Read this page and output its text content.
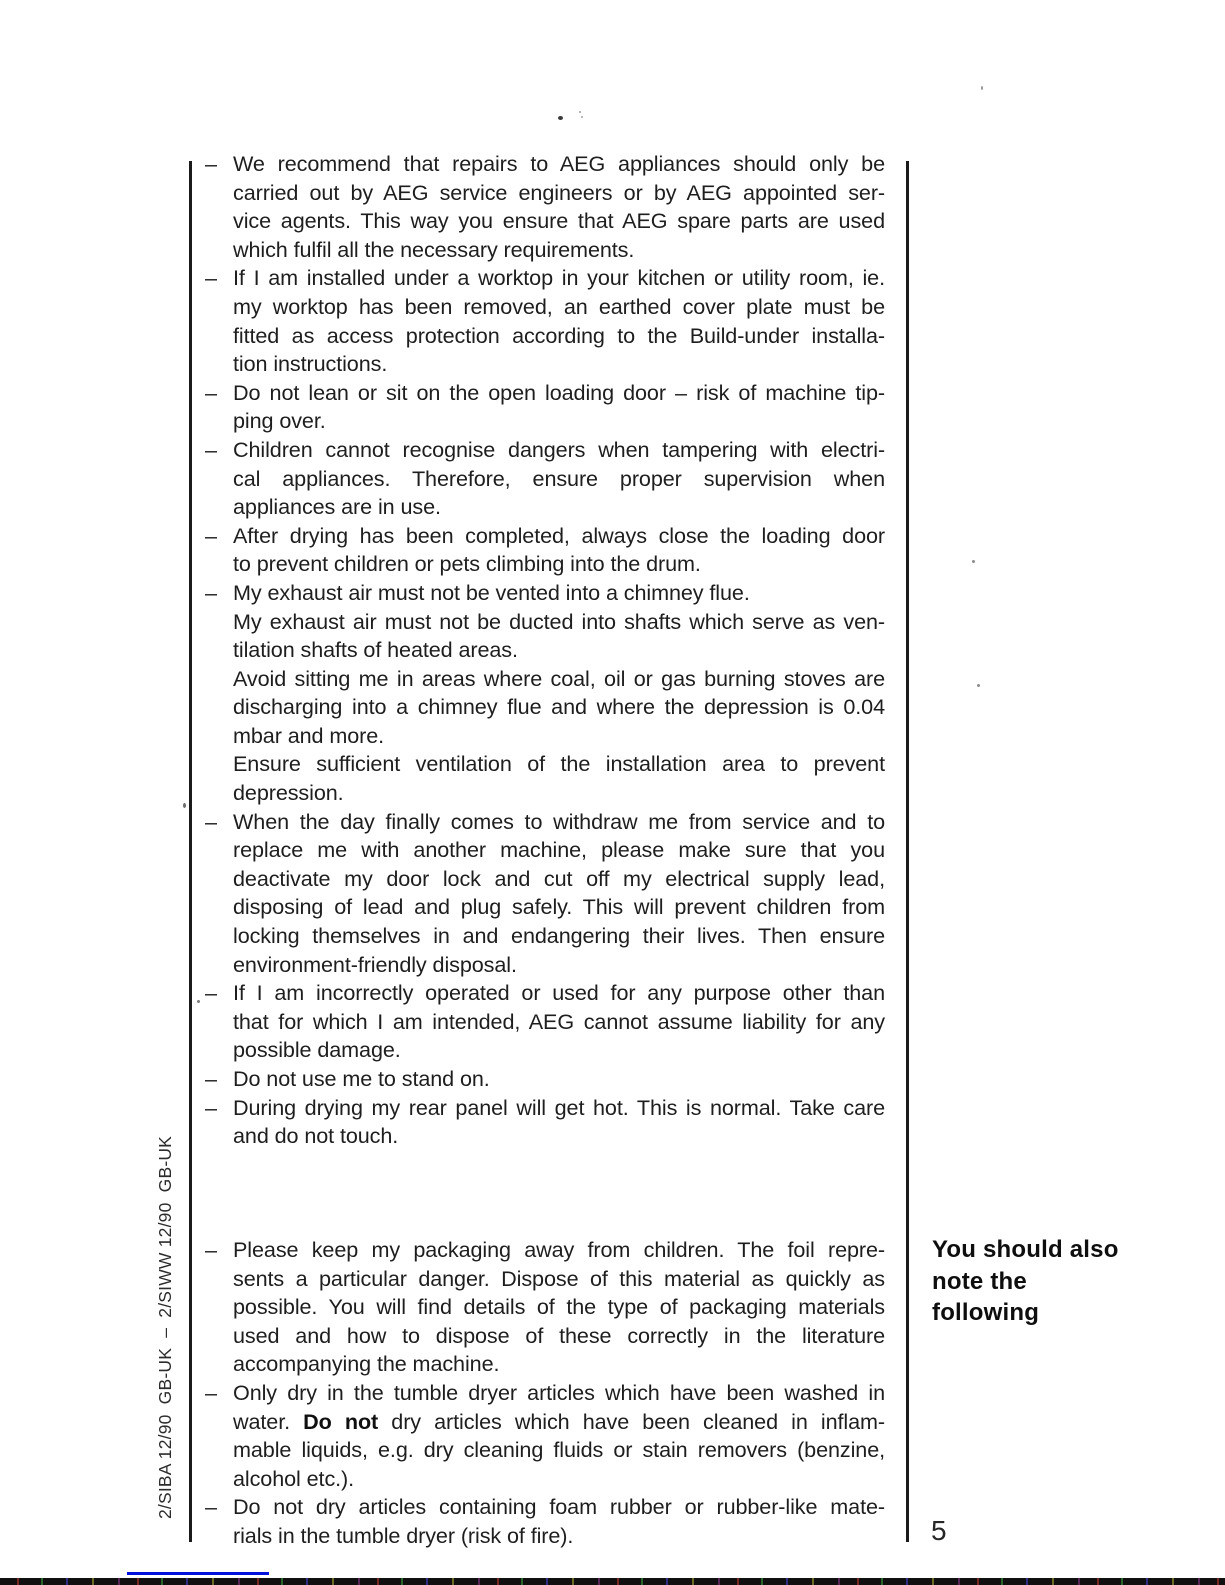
– We recommend that repairs to AEG appliances should only be
carried out by AEG service engineers or by AEG appointed ser-
vice agents. This way you ensure that AEG spare parts are used
which fulfil all the necessary requirements.
– If I am installed under a worktop in your kitchen or utility room, ie.
my worktop has been removed, an earthed cover plate must be
fitted as access protection according to the Build-under installa-
tion instructions.
– Do not lean or sit on the open loading door – risk of machine tip-
ping over.
– Children cannot recognise dangers when tampering with electri-
cal appliances. Therefore, ensure proper supervision when
appliances are in use.
– After drying has been completed, always close the loading door
to prevent children or pets climbing into the drum.
– My exhaust air must not be vented into a chimney flue.
My exhaust air must not be ducted into shafts which serve as ven-
tilation shafts of heated areas.
Avoid sitting me in areas where coal, oil or gas burning stoves are
discharging into a chimney flue and where the depression is 0.04
mbar and more.
Ensure sufficient ventilation of the installation area to prevent
depression.
– When the day finally comes to withdraw me from service and to
replace me with another machine, please make sure that you
deactivate my door lock and cut off my electrical supply lead,
disposing of lead and plug safely. This will prevent children from
locking themselves in and endangering their lives. Then ensure
environment-friendly disposal.
– If I am incorrectly operated or used for any purpose other than
that for which I am intended, AEG cannot assume liability for any
possible damage.
– Do not use me to stand on.
– During drying my rear panel will get hot. This is normal. Take care
and do not touch.
– Please keep my packaging away from children. The foil repre-
sents a particular danger. Dispose of this material as quickly as
possible. You will find details of the type of packaging materials
used and how to dispose of these correctly in the literature
accompanying the machine.
– Only dry in the tumble dryer articles which have been washed in
water. Do not dry articles which have been cleaned in inflam-
mable liquids, e.g. dry cleaning fluids or stain removers (benzine,
alcohol etc.).
– Do not dry articles containing foam rubber or rubber-like mate-
rials in the tumble dryer (risk of fire).
You should also
note the
following
5
2/SIBA 12/90  GB-UK  –  2/SIWW 12/90  GB-UK
